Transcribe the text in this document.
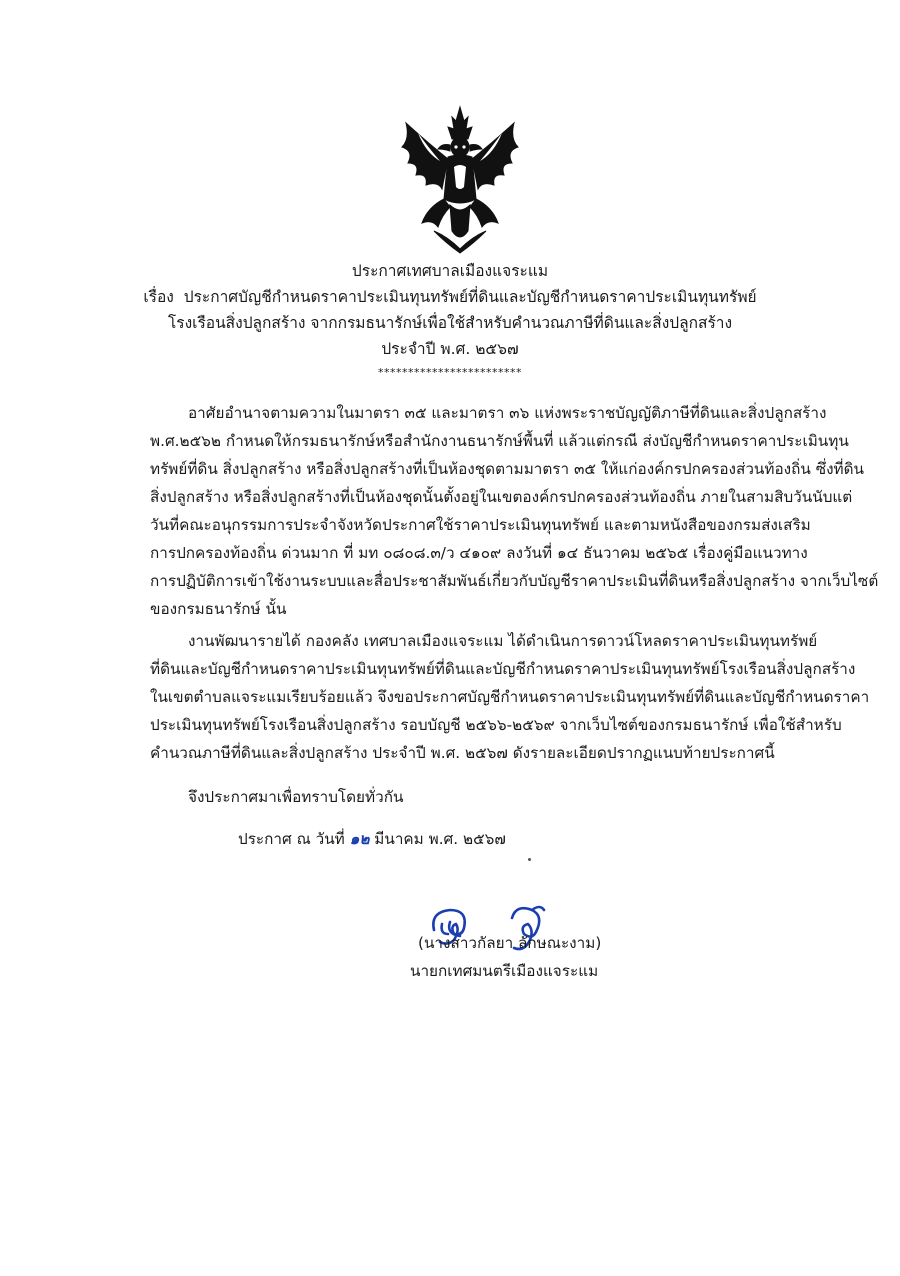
ประกาศเทศบาลเมืองแจระแม
เรื่อง ประกาศบัญชีกำหนดราคาประเมินทุนทรัพย์ที่ดินและบัญชีกำหนดราคาประเมินทุนทรัพย์
โรงเรือนสิ่งปลูกสร้าง จากกรมธนารักษ์เพื่อใช้สำหรับคำนวณภาษีที่ดินและสิ่งปลูกสร้าง
ประจำปี พ.ศ. ๒๕๖๗
************************
อาศัยอำนาจตามความในมาตรา ๓๕ และมาตรา ๓๖ แห่งพระราชบัญญัติภาษีที่ดินและสิ่งปลูกสร้าง
พ.ศ.๒๕๖๒ กำหนดให้กรมธนารักษ์หรือสำนักงานธนารักษ์พื้นที่ แล้วแต่กรณี ส่งบัญชีกำหนดราคาประเมินทุน
ทรัพย์ที่ดิน สิ่งปลูกสร้าง หรือสิ่งปลูกสร้างที่เป็นห้องชุดตามมาตรา ๓๕ ให้แก่องค์กรปกครองส่วนท้องถิ่น ซึ่งที่ดิน
สิ่งปลูกสร้าง หรือสิ่งปลูกสร้างที่เป็นห้องชุดนั้นตั้งอยู่ในเขตองค์กรปกครองส่วนท้องถิ่น ภายในสามสิบวันนับแต่
วันที่คณะอนุกรรมการประจำจังหวัดประกาศใช้ราคาประเมินทุนทรัพย์ และตามหนังสือของกรมส่งเสริม
การปกครองท้องถิ่น ด่วนมาก ที่ มท ๐๘๐๘.๓/ว ๔๑๐๙ ลงวันที่ ๑๔ ธันวาคม ๒๕๖๕ เรื่องคู่มือแนวทาง
การปฏิบัติการเข้าใช้งานระบบและสื่อประชาสัมพันธ์เกี่ยวกับบัญชีราคาประเมินที่ดินหรือสิ่งปลูกสร้าง จากเว็บไซต์
ของกรมธนารักษ์ นั้น
งานพัฒนารายได้ กองคลัง เทศบาลเมืองแจระแม ได้ดำเนินการดาวน์โหลดราคาประเมินทุนทรัพย์
ที่ดินและบัญชีกำหนดราคาประเมินทุนทรัพย์ที่ดินและบัญชีกำหนดราคาประเมินทุนทรัพย์โรงเรือนสิ่งปลูกสร้าง
ในเขตตำบลแจระแมเรียบร้อยแล้ว จึงขอประกาศบัญชีกำหนดราคาประเมินทุนทรัพย์ที่ดินและบัญชีกำหนดราคา
ประเมินทุนทรัพย์โรงเรือนสิ่งปลูกสร้าง รอบบัญชี ๒๕๖๖-๒๕๖๙ จากเว็บไซต์ของกรมธนารักษ์ เพื่อใช้สำหรับ
คำนวณภาษีที่ดินและสิ่งปลูกสร้าง ประจำปี พ.ศ. ๒๕๖๗ ดังรายละเอียดปรากฏแนบท้ายประกาศนี้
จึงประกาศมาเพื่อทราบโดยทั่วกัน
ประกาศ ณ วันที่ ๑๒ มีนาคม พ.ศ. ๒๕๖๗
(นางสาวกัลยา ลักษณะงาม)
นายกเทศมนตรีเมืองแจระแม
